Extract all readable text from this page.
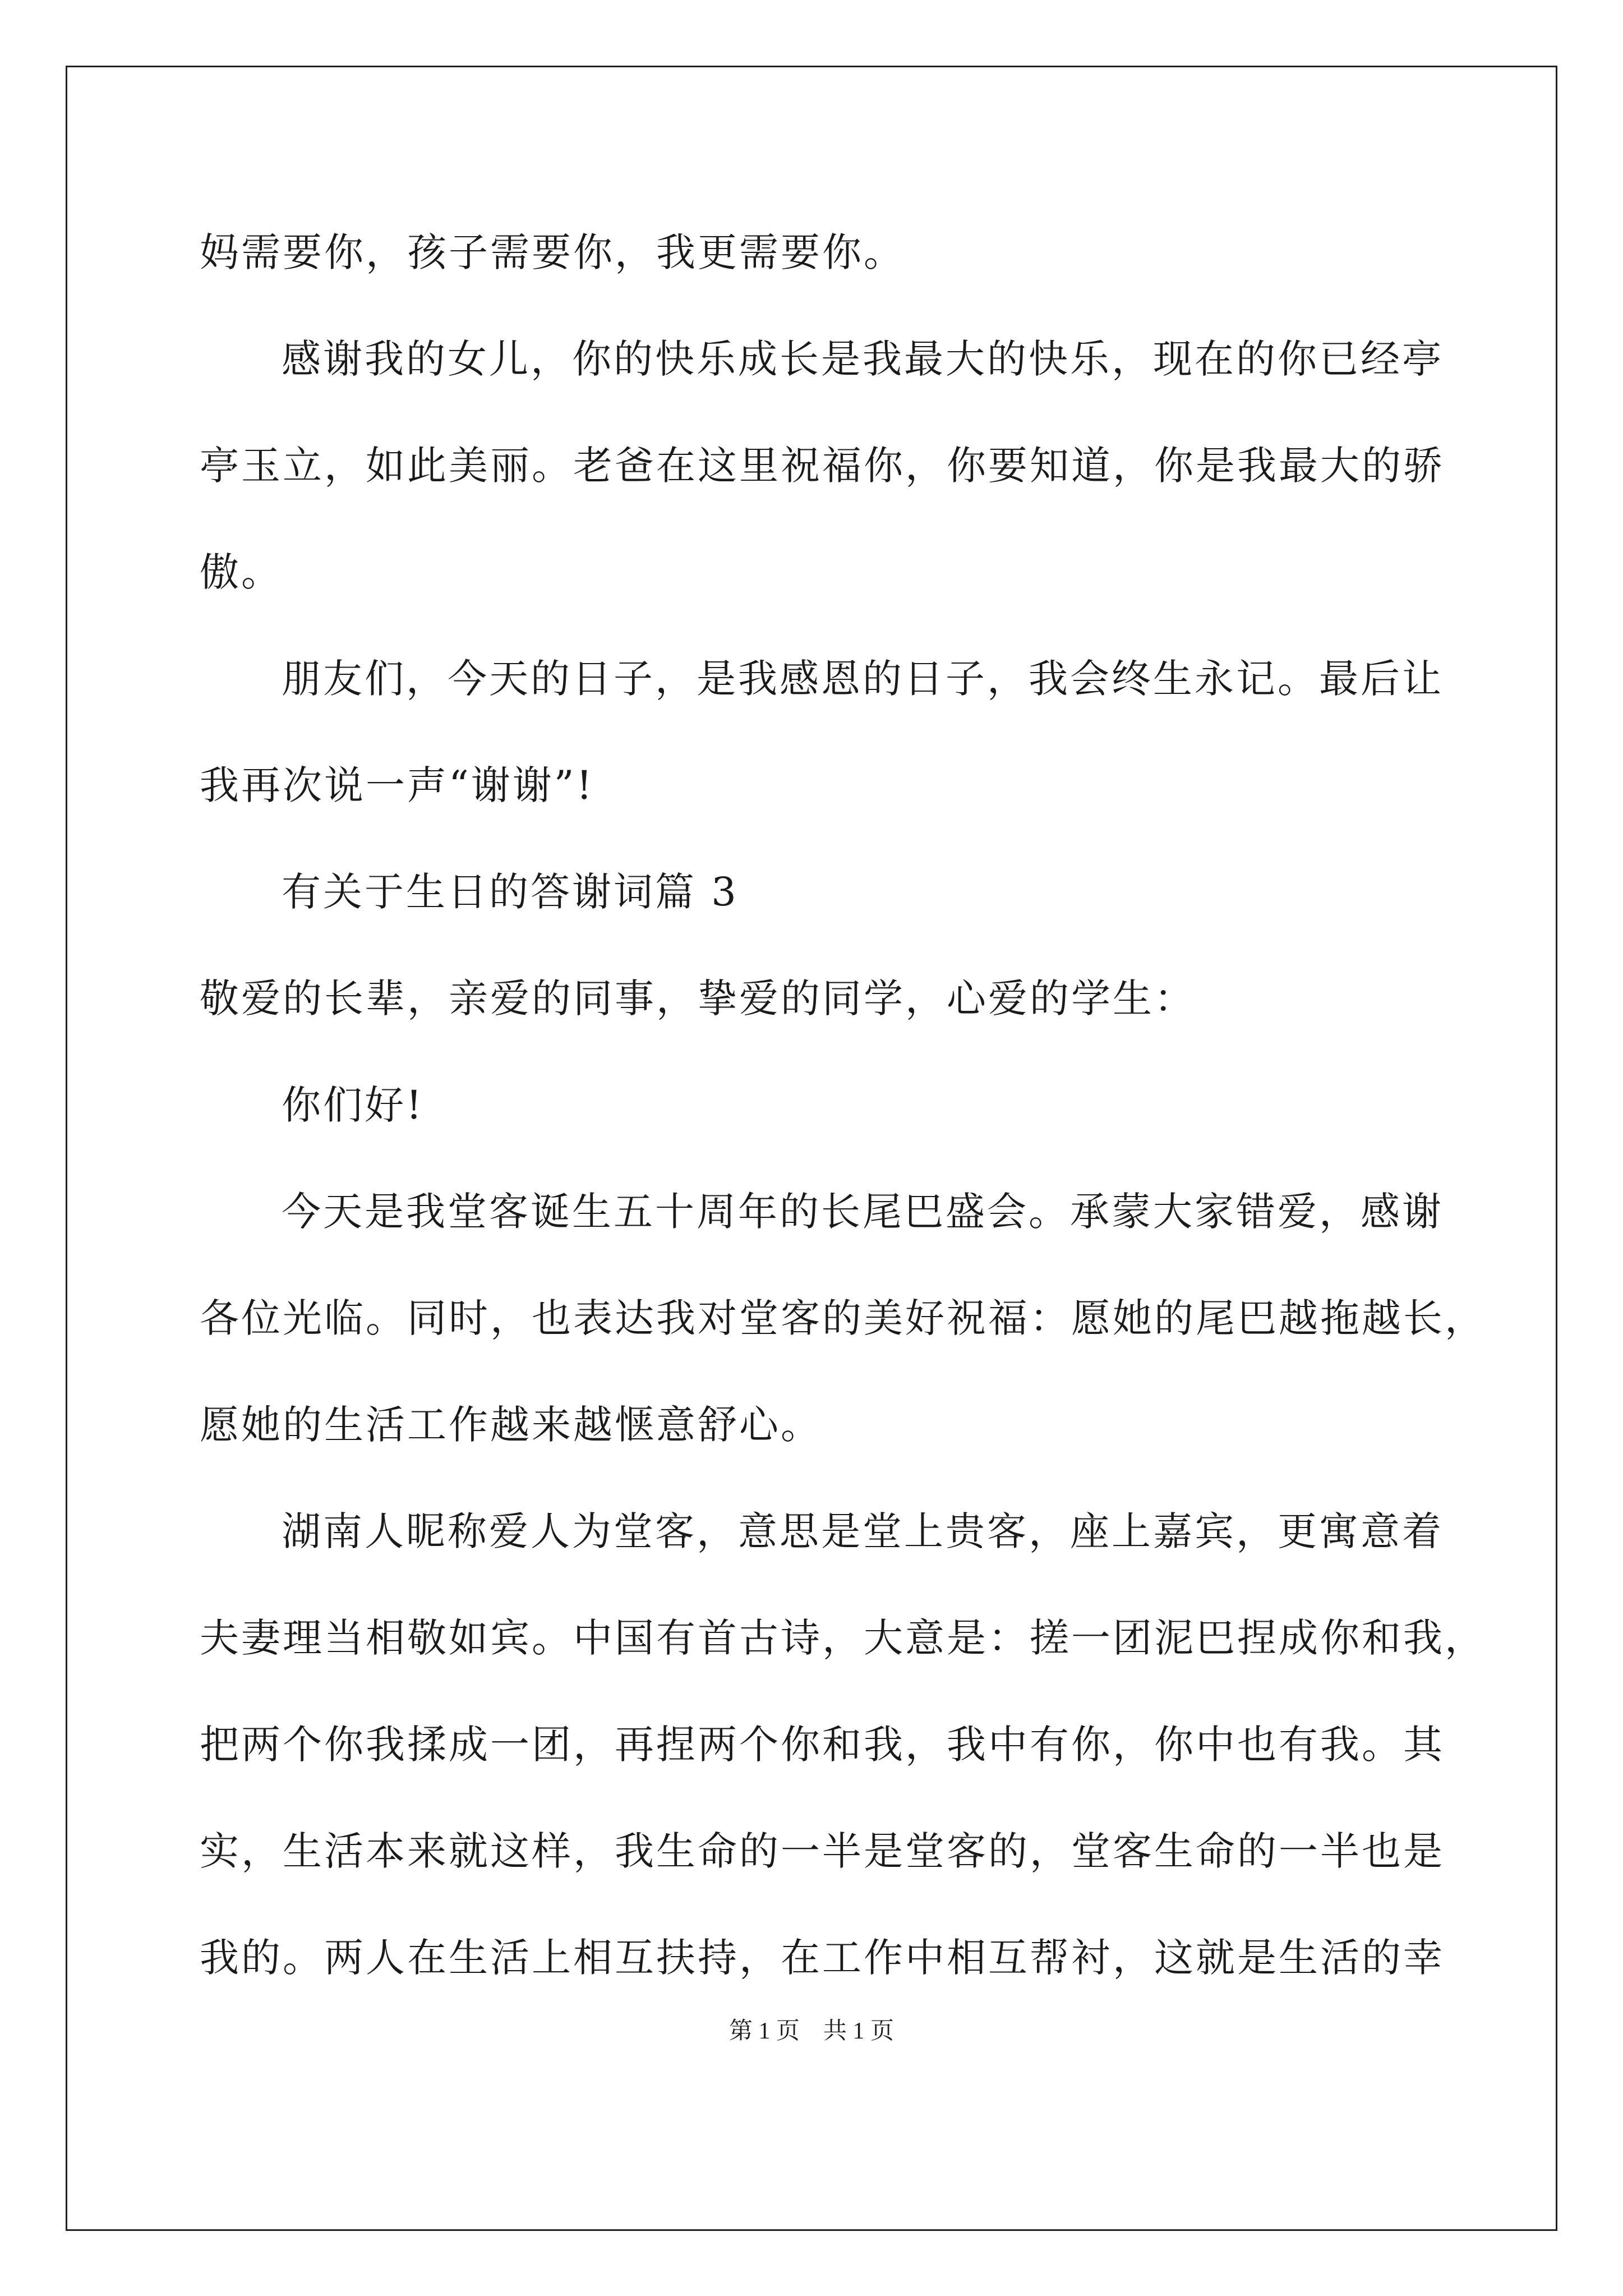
妈需要你，孩子需要你，我更需要你。
感谢我的女儿，你的快乐成长是我最大的快乐，现在的你已经亭
亭玉立，如此美丽。老爸在这里祝福你，你要知道，你是我最大的骄
傲。
朋友们，今天的日子，是我感恩的日子，我会终生永记。最后让
我再次说一声“谢谢”!
有关于生日的答谢词篇 3
敬爱的长辈，亲爱的同事，挚爱的同学，心爱的学生：
你们好!
今天是我堂客诞生五十周年的长尾巴盛会。承蒙大家错爱，感谢
各位光临。同时，也表达我对堂客的美好祝福：愿她的尾巴越拖越长，
愿她的生活工作越来越惬意舒心。
湖南人昵称爱人为堂客，意思是堂上贵客，座上嘉宾，更寓意着
夫妻理当相敬如宾。中国有首古诗，大意是：搓一团泥巴捏成你和我，
把两个你我揉成一团，再捏两个你和我，我中有你，你中也有我。其
实，生活本来就这样，我生命的一半是堂客的，堂客生命的一半也是
我的。两人在生活上相互扶持，在工作中相互帮衬，这就是生活的幸
第 1 页　共 1 页
